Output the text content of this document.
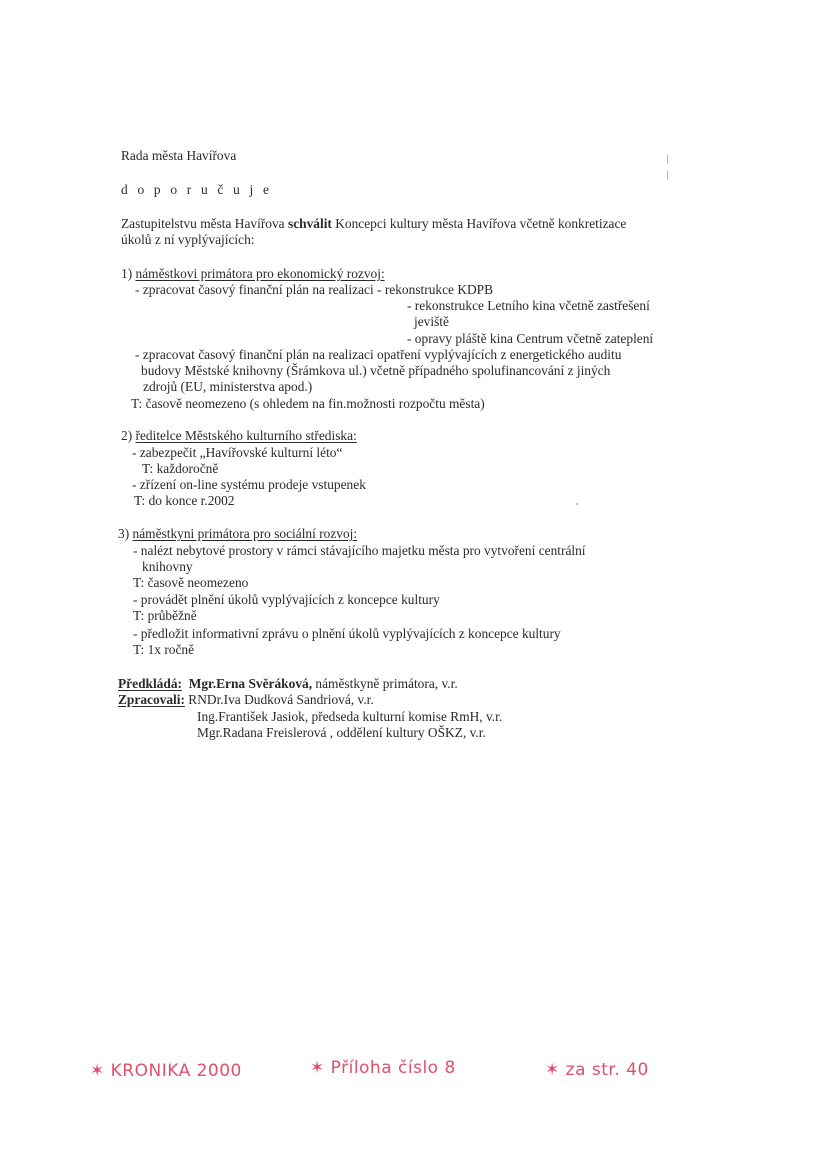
Rada města Havířova
d o p o r u č u j e
Zastupitelstvu města Havířova schválit Koncepci kultury města Havířova včetně konkretizace
úkolů z ní vyplývajících:
1) náměstkovi primátora pro ekonomický rozvoj:
- zpracovat časový finanční plán na realizaci - rekonstrukce KDPB
- rekonstrukce Letního kina včetně zastřešení
jeviště
- opravy pláště kina Centrum včetně zateplení
- zpracovat časový finanční plán na realizaci opatření vyplývajících z energetického auditu
budovy Městské knihovny (Šrámkova ul.) včetně případného spolufinancování z jiných
zdrojů (EU, ministerstva apod.)
T: časově neomezeno (s ohledem na fin.možnosti rozpočtu města)
2) ředitelce Městského kulturního střediska:
- zabezpečit „Havířovské kulturní léto“
T: každoročně
- zřízení on-line systému prodeje vstupenek
T: do konce r.2002
3) náměstkyni primátora pro sociální rozvoj:
- nalézt nebytové prostory v rámci stávajícího majetku města pro vytvoření centrální
knihovny
T: časově neomezeno
- provádět plnění úkolů vyplývajících z koncepce kultury
T: průběžně
- předložit informativní zprávu o plnění úkolů vyplývajících z koncepce kultury
T: 1x ročně
Předkládá: Mgr.Erna Svěráková, náměstkyně primátora, v.r.
Zpracovali: RNDr.Iva Dudková Sandriová, v.r.
Ing.František Jasiok, předseda kulturní komise RmH, v.r.
Mgr.Radana Freislerová , oddělení kultury OŠKZ, v.r.
✶ KRONIKA 2000	✶ Příloha číslo 8	✶ za str. 40
